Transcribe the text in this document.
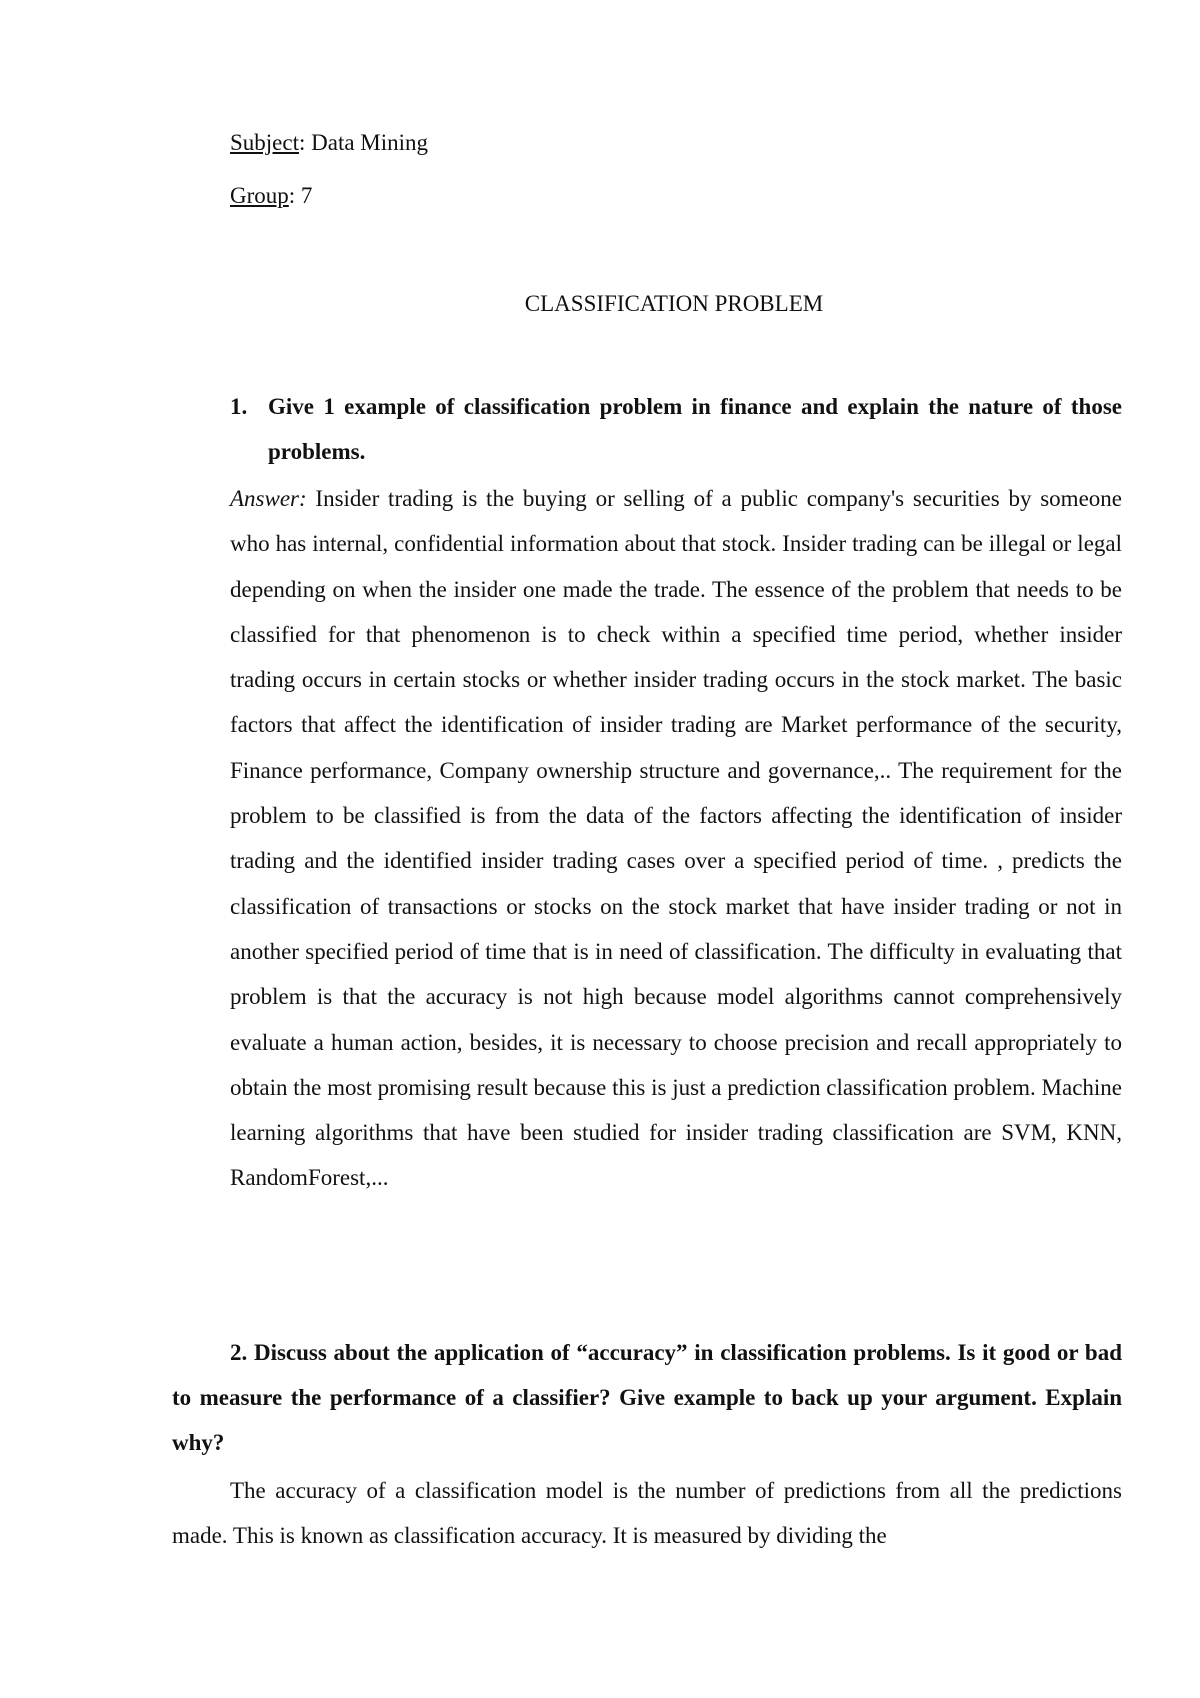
Subject: Data Mining
Group: 7
CLASSIFICATION PROBLEM
1. Give 1 example of classification problem in finance and explain the nature of those problems.
Answer: Insider trading is the buying or selling of a public company's securities by someone who has internal, confidential information about that stock. Insider trading can be illegal or legal depending on when the insider one made the trade. The essence of the problem that needs to be classified for that phenomenon is to check within a specified time period, whether insider trading occurs in certain stocks or whether insider trading occurs in the stock market. The basic factors that affect the identification of insider trading are Market performance of the security, Finance performance, Company ownership structure and governance,.. The requirement for the problem to be classified is from the data of the factors affecting the identification of insider trading and the identified insider trading cases over a specified period of time. , predicts the classification of transactions or stocks on the stock market that have insider trading or not in another specified period of time that is in need of classification. The difficulty in evaluating that problem is that the accuracy is not high because model algorithms cannot comprehensively evaluate a human action, besides, it is necessary to choose precision and recall appropriately to obtain the most promising result because this is just a prediction classification problem. Machine learning algorithms that have been studied for insider trading classification are SVM, KNN, RandomForest,...
2. Discuss about the application of “accuracy” in classification problems. Is it good or bad to measure the performance of a classifier? Give example to back up your argument. Explain why?
The accuracy of a classification model is the number of predictions from all the predictions made. This is known as classification accuracy. It is measured by dividing the
